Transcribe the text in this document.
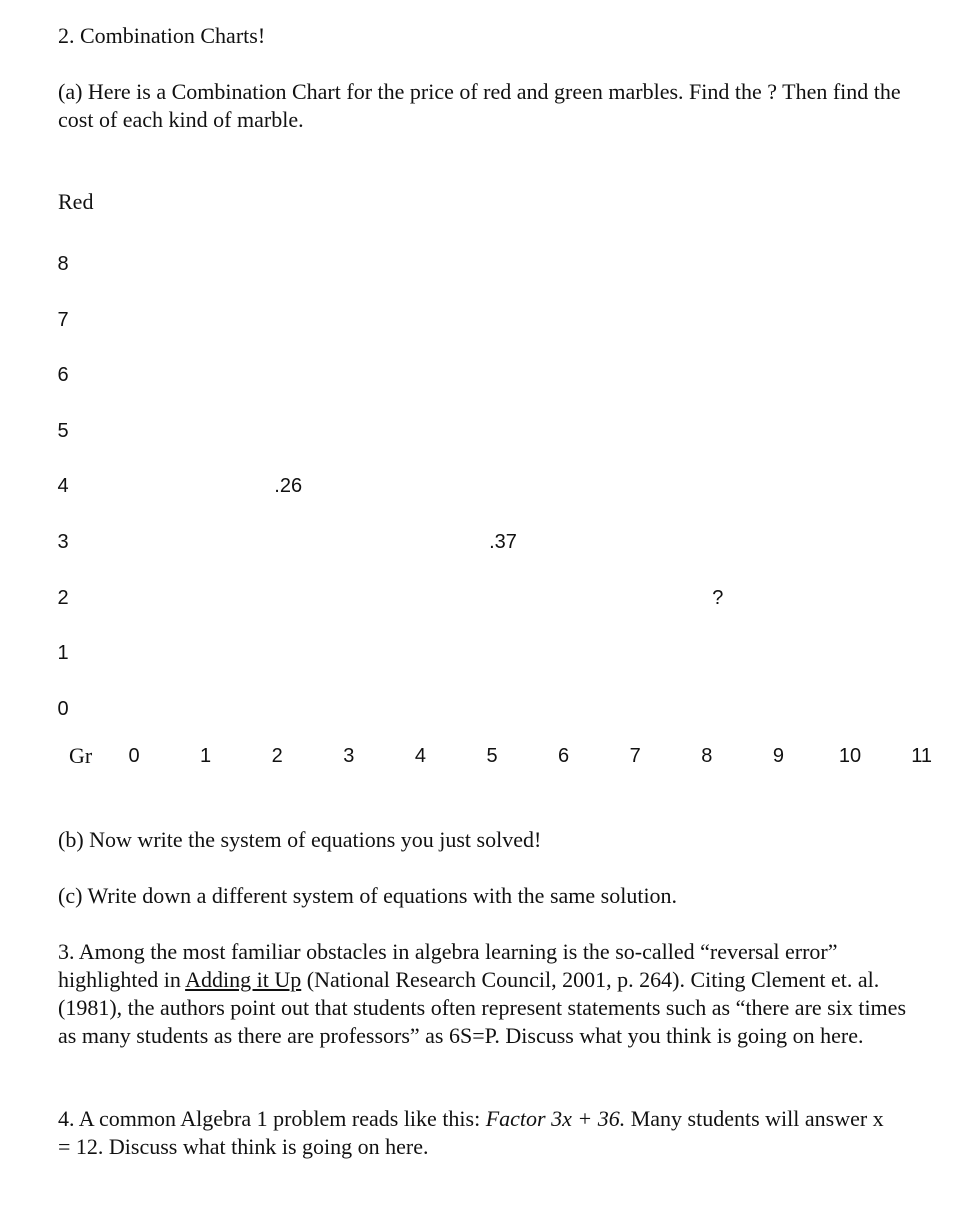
2. Combination Charts!
(a) Here is a Combination Chart for the price of red and green marbles. Find the ? Then find the cost of each kind of marble.
Red
Gr
8
7
6
5
4
3
2
1
0
0	1	2	3	4	5	6	7	8	9	10	11
.26
.37
?
(b) Now write the system of equations you just solved!
(c) Write down a different system of equations with the same solution.
3. Among the most familiar obstacles in algebra learning is the so-called “reversal error” highlighted in Adding it Up (National Research Council, 2001, p. 264). Citing Clement et. al. (1981), the authors point out that students often represent statements such as “there are six times as many students as there are professors” as 6S=P. Discuss what you think is going on here.
4. A common Algebra 1 problem reads like this: Factor 3x + 36. Many students will answer x = 12. Discuss what think is going on here.
